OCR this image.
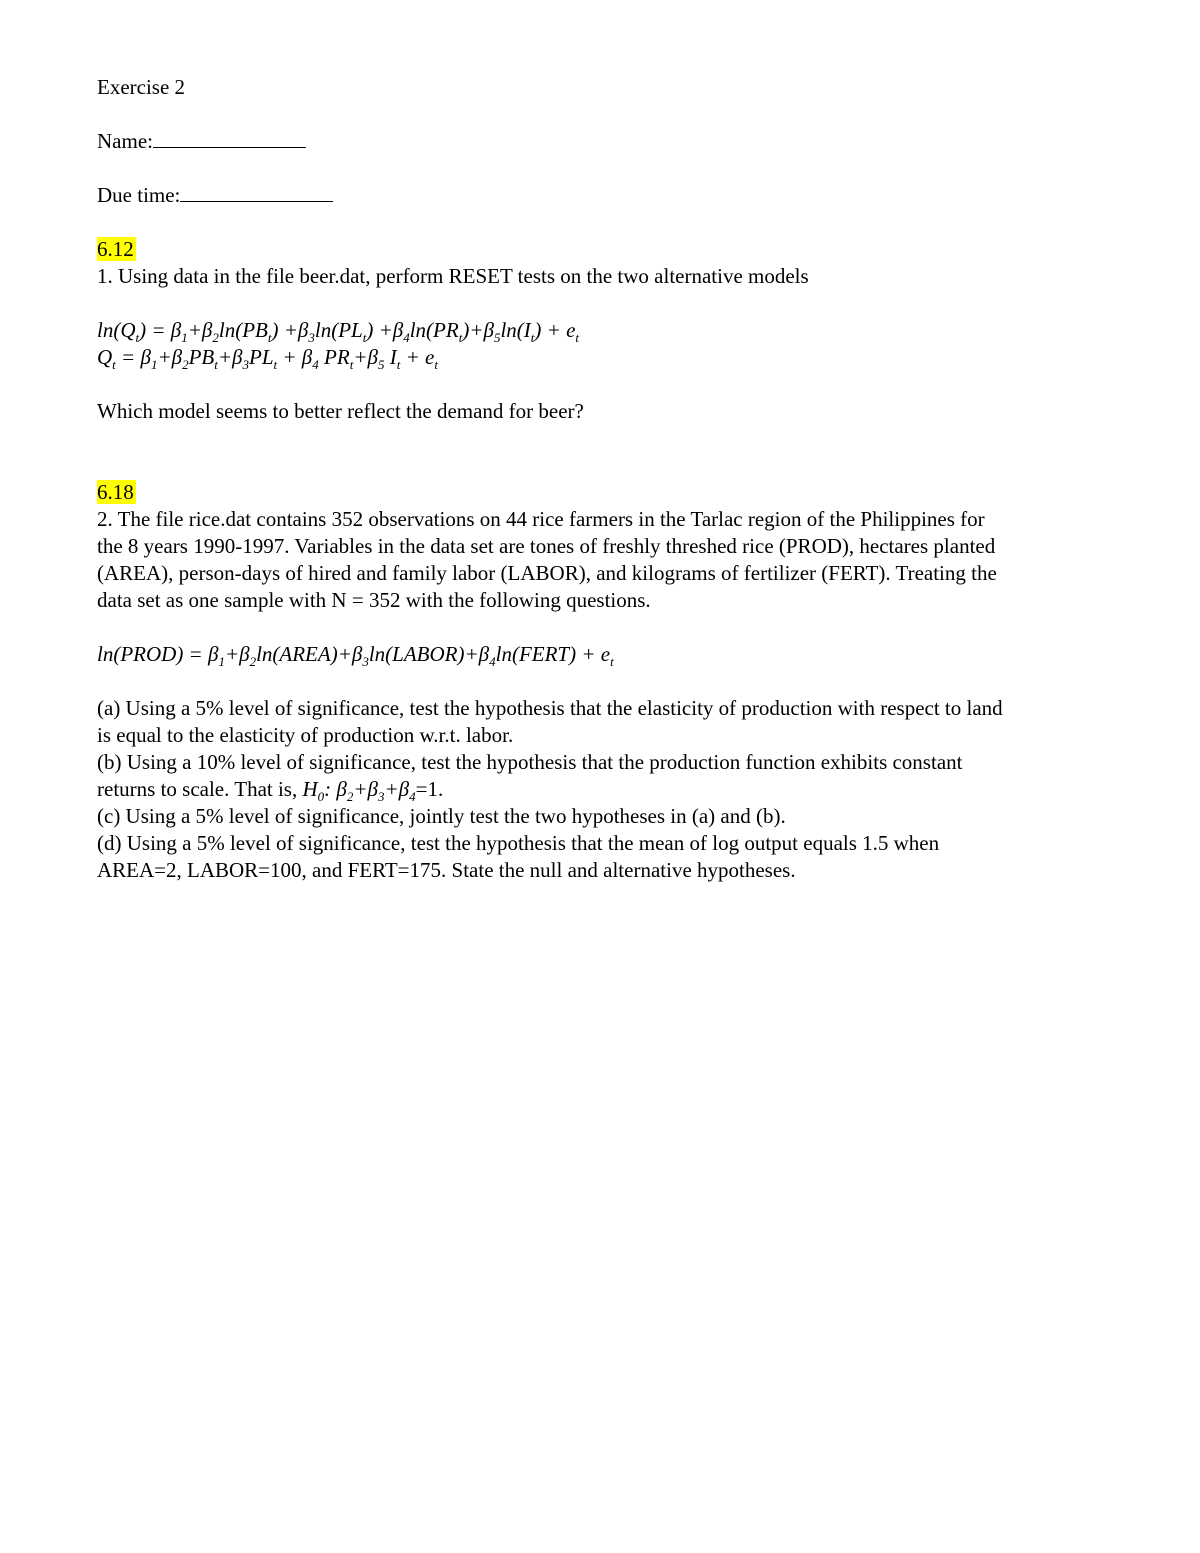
Exercise 2
Name:
Due time:
6.12
1. Using data in the file beer.dat, perform RESET tests on the two alternative models
$\ln(Q_t) = \beta_1+\beta_2\ln(PB_t) +\beta_3\ln(PL_t) +\beta_4\ln(PR_t)+\beta_5\ln(I_t) + e_t$
$Q_t = \beta_1+\beta_2PB_t+\beta_3PL_t + \beta_4$ $PR_t+\beta_5$ $I_t + e_t$
Which model seems to better reflect the demand for beer?
6.18
2. The file rice.dat contains 352 observations on 44 rice farmers in the Tarlac region of the Philippines for
the 8 years 1990-1997. Variables in the data set are tones of freshly threshed rice (PROD), hectares planted
(AREA), person-days of hired and family labor (LABOR), and kilograms of fertilizer (FERT). Treating the
data set as one sample with N = 352 with the following questions.
ln(PROD) = $\beta_1+\beta_2\ln(AREA)+\beta_3\ln(LABOR)+\beta_4\ln(FERT) + e_t$
(a) Using a 5% level of significance, test the hypothesis that the elasticity of production with respect to land
is equal to the elasticity of production w.r.t. labor.
(b) Using a 10% level of significance, test the hypothesis that the production function exhibits constant
returns to scale. That is, $H_0$: $\beta_2+\beta_3+\beta_4=1$.
(c) Using a 5% level of significance, jointly test the two hypotheses in (a) and (b).
(d) Using a 5% level of significance, test the hypothesis that the mean of log output equals 1.5 when
AREA=2, LABOR=100, and FERT=175. State the null and alternative hypotheses.
